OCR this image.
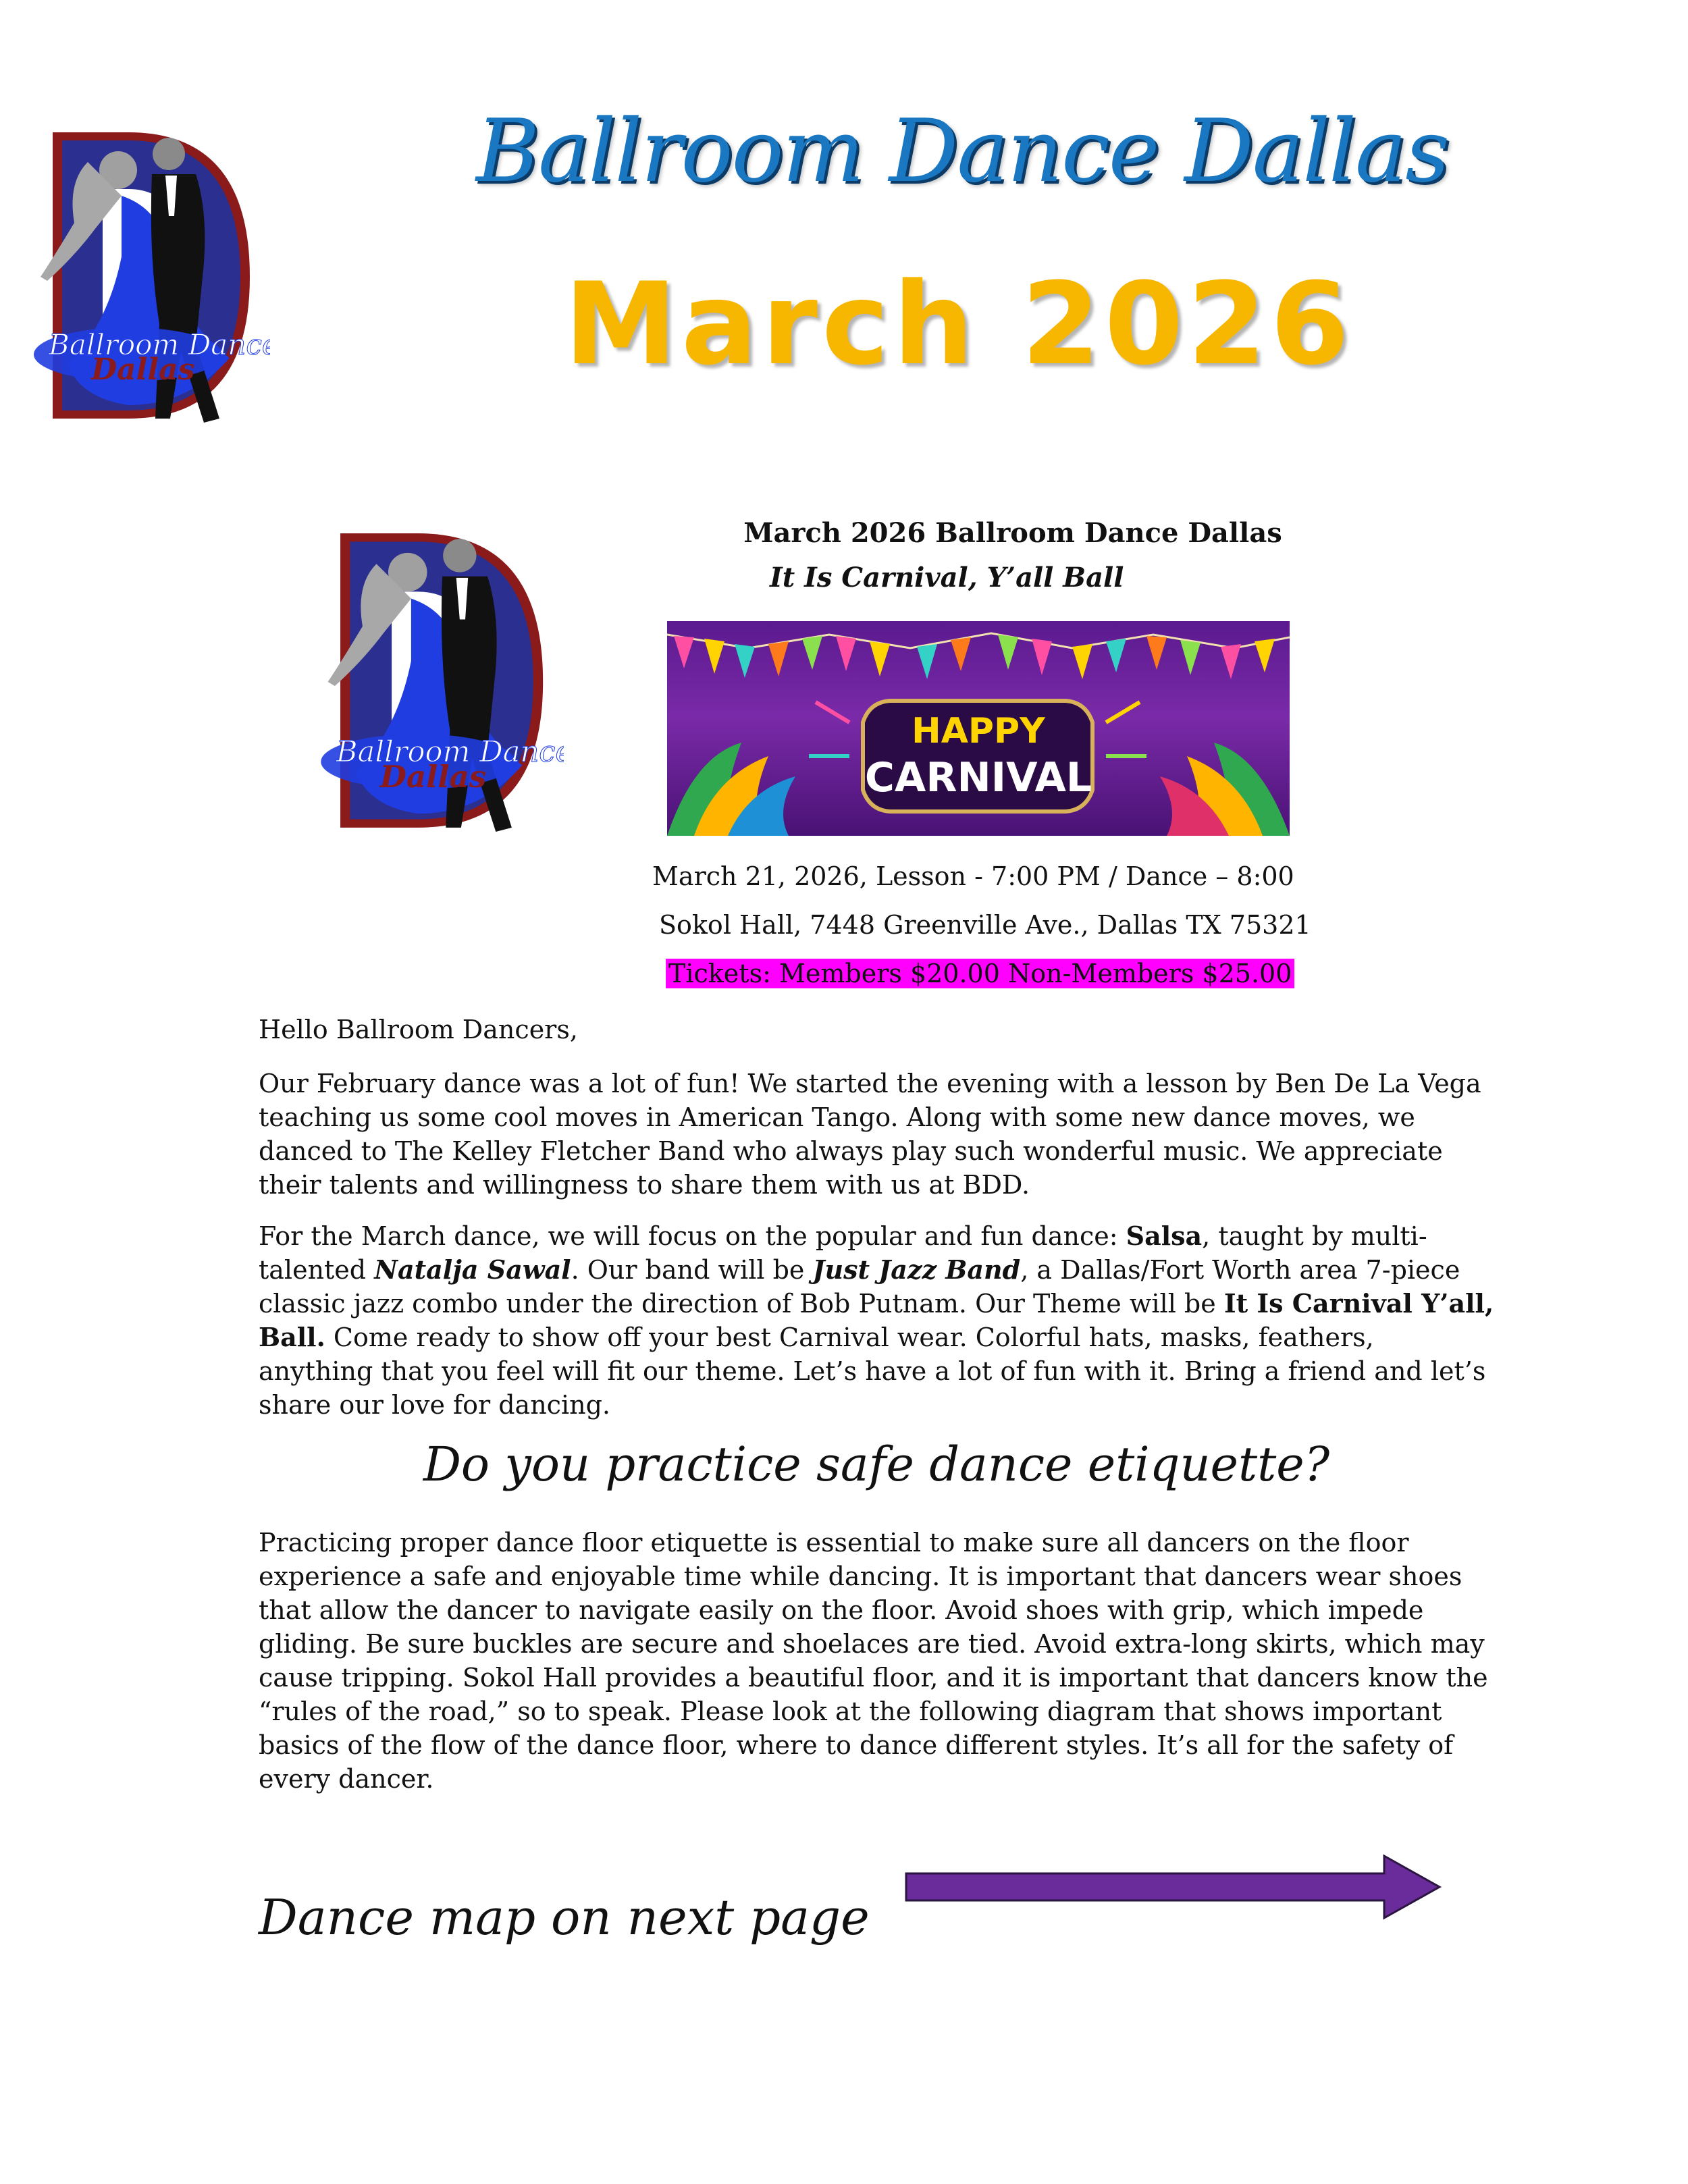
Ballroom Dance
Dallas
Ballroom Dance Dallas
March 2026
Ballroom Dance
Dallas
March 2026 Ballroom Dance Dallas
It Is Carnival, Y’all Ball
HAPPY
CARNIVAL
March 21, 2026, Lesson - 7:00 PM / Dance – 8:00
Sokol Hall, 7448 Greenville Ave., Dallas TX 75321
Tickets: Members $20.00 Non-Members $25.00
Hello Ballroom Dancers,

Our February dance was a lot of fun! We started the evening with a lesson by Ben De La Vega teaching us some cool moves in American Tango. Along with some new dance moves, we danced to The Kelley Fletcher Band who always play such wonderful music. We appreciate their talents and willingness to share them with us at BDD.

For the March dance, we will focus on the popular and fun dance: Salsa, taught by multi-talented Natalja Sawal. Our band will be Just Jazz Band, a Dallas/Fort Worth area 7-piece classic jazz combo under the direction of Bob Putnam. Our Theme will be It Is Carnival Y’all, Ball. Come ready to show off your best Carnival wear. Colorful hats, masks, feathers, anything that you feel will fit our theme. Let’s have a lot of fun with it. Bring a friend and let’s share our love for dancing.

Do you practice safe dance etiquette?

Practicing proper dance floor etiquette is essential to make sure all dancers on the floor experience a safe and enjoyable time while dancing. It is important that dancers wear shoes that allow the dancer to navigate easily on the floor. Avoid shoes with grip, which impede gliding. Be sure buckles are secure and shoelaces are tied. Avoid extra-long skirts, which may cause tripping. Sokol Hall provides a beautiful floor, and it is important that dancers know the “rules of the road,” so to speak. Please look at the following diagram that shows important basics of the flow of the dance floor, where to dance different styles. It’s all for the safety of every dancer.

Dance map on next page
